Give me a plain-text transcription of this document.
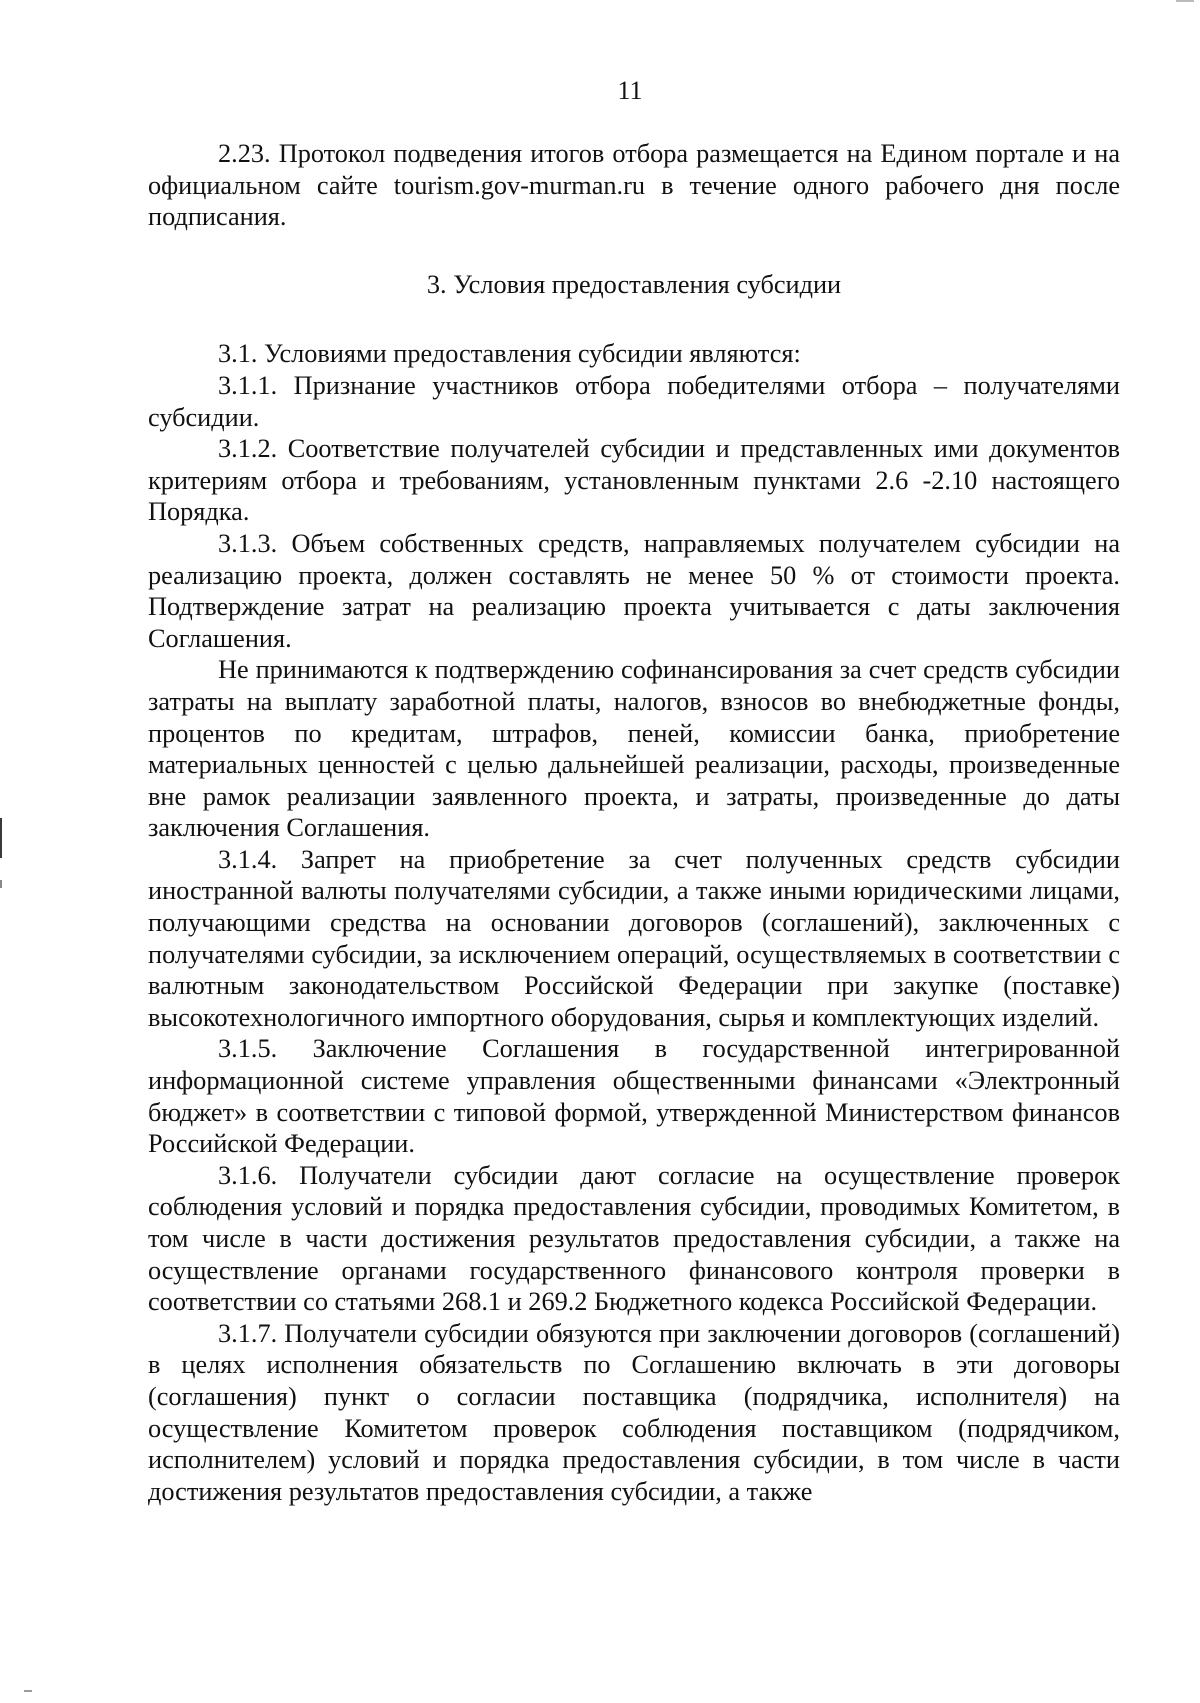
11

2.23. Протокол подведения итогов отбора размещается на Едином портале и на официальном сайте tourism.gov-murman.ru в течение одного рабочего дня после подписания.

3. Условия предоставления субсидии

3.1. Условиями предоставления субсидии являются:

3.1.1. Признание участников отбора победителями отбора – получателями субсидии.

3.1.2. Соответствие получателей субсидии и представленных ими документов критериям отбора и требованиям, установленным пунктами 2.6 -2.10 настоящего Порядка.

3.1.3. Объем собственных средств, направляемых получателем субсидии на реализацию проекта, должен составлять не менее 50 % от стоимости проекта. Подтверждение затрат на реализацию проекта учитывается с даты заключения Соглашения.

Не принимаются к подтверждению софинансирования за счет средств субсидии затраты на выплату заработной платы, налогов, взносов во внебюджетные фонды, процентов по кредитам, штрафов, пеней, комиссии банка, приобретение материальных ценностей с целью дальнейшей реализации, расходы, произведенные вне рамок реализации заявленного проекта, и затраты, произведенные до даты заключения Соглашения.

3.1.4. Запрет на приобретение за счет полученных средств субсидии иностранной валюты получателями субсидии, а также иными юридическими лицами, получающими средства на основании договоров (соглашений), заключенных с получателями субсидии, за исключением операций, осуществляемых в соответствии с валютным законодательством Российской Федерации при закупке (поставке) высокотехнологичного импортного оборудования, сырья и комплектующих изделий.

3.1.5. Заключение Соглашения в государственной интегрированной информационной системе управления общественными финансами «Электронный бюджет» в соответствии с типовой формой, утвержденной Министерством финансов Российской Федерации.

3.1.6. Получатели субсидии дают согласие на осуществление проверок соблюдения условий и порядка предоставления субсидии, проводимых Комитетом, в том числе в части достижения результатов предоставления субсидии, а также на осуществление органами государственного финансового контроля проверки в соответствии со статьями 268.1 и 269.2 Бюджетного кодекса Российской Федерации.

3.1.7. Получатели субсидии обязуются при заключении договоров (соглашений) в целях исполнения обязательств по Соглашению включать в эти договоры (соглашения) пункт о согласии поставщика (подрядчика, исполнителя) на осуществление Комитетом проверок соблюдения поставщиком (подрядчиком, исполнителем) условий и порядка предоставления субсидии, в том числе в части достижения результатов предоставления субсидии, а также
